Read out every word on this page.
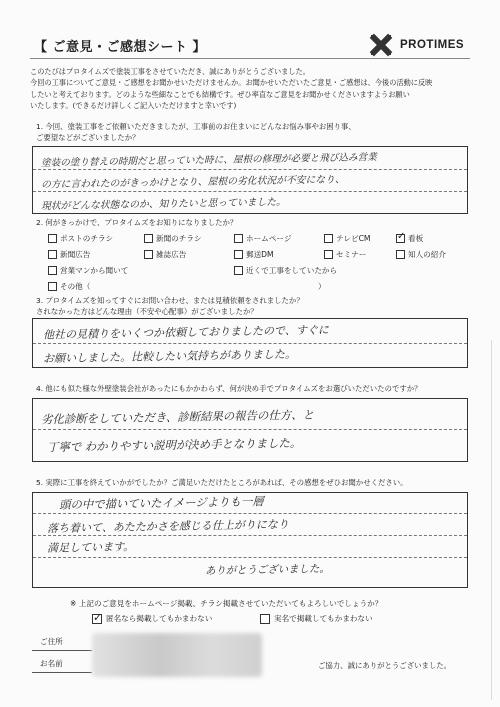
【 ご意見・ご感想シート 】	PROTIMES
このたびはプロタイムズで塗装工事をさせていただき、誠にありがとうございました。
今回の工事についてご意見・ご感想をお聞かせいただけませんか。お聞かせいただいたご意見・ご感想は、今後の活動に反映
したいと考えております。どのような些細なことでも結構です。ぜひ率直なご意見をお聞かせくださいますようお願い
いたします。(できるだけ詳しくご記入いただけますと幸いです)
1. 今回、塗装工事をご依頼いただきましたが、工事前のお住まいにどんなお悩み事やお困り事、
ご要望などがございましたか？
塗装の塗り替えの時期だと思っていた時に、屋根の修理が必要と飛び込み営業
の方に言われたのがきっかけとなり、屋根の劣化状況が不安になり、
現状がどんな状態なのか、知りたいと思っていました。
2. 何がきっかけで、プロタイムズをお知りになりましたか？
ポストのチラシ	新聞のチラシ	ホームページ	テレビCM
✓	看板
新聞広告	雑誌広告	郵送DM	セミナー	知人の紹介
営業マンから聞いて	近くで工事をしていたから
その他（	）
3. プロタイムズを知ってすぐにお問い合わせ、または見積依頼をされましたか？
されなかった方はどんな理由（不安や心配事）がございましたか？
他社の見積りをいくつか依頼しておりましたので、すぐに
お願いしました。比較したい気持ちがありました。
4. 他にも似た様な外壁塗装会社があったにもかかわらず、何が決め手でプロタイムズをお選びいただいたのですか？
劣化診断をしていただき、診断結果の報告の仕方、と
丁寧で わかりやすい説明が決め手となりました。
5. 実際に工事を終えていかがでしたか？ご満足いただけたところがあれば、その感想をぜひお聞かせください。
頭の中で描いていたイメージよりも一層
落ち着いて、あたたかさを感じる仕上がりになり
満足しています。
ありがとうございました。
※ 上記のご意見をホームページ掲載、チラシ掲載させていただいてもよろしいでしょうか？
✓
匿名なら掲載してもかまわない	実名で掲載してもかまわない
ご住所
お名前	ご協力、誠にありがとうございました。
